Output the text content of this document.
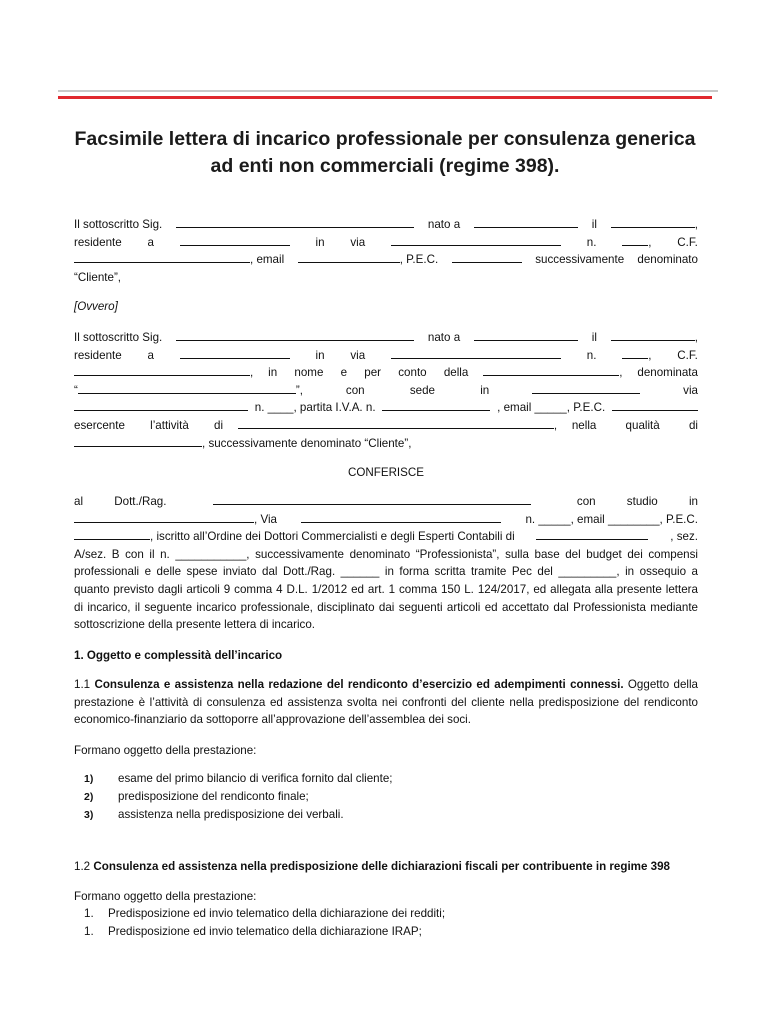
Facsimile lettera di incarico professionale per consulenza generica
ad enti non commerciali (regime 398).
Il sottoscritto Sig.	nato a	il	,
residente a	in via	n.	, C.F.
, email	, P.E.C.	successivamente denominato
“Cliente”,
[Ovvero]
Il sottoscritto Sig.	nato a	il	,
residente a	in via	n.	, C.F.
, in nome e per conto della	, denominata
“	”,	con sede in	via
n. ____, partita I.V.A. n.	, email _____, P.E.C.
esercente l’attività di	, nella qualità di
, successivamente denominato “Cliente”,
CONFERISCE
al Dott./Rag.	con studio in
, Via	n. _____, email ________, P.E.C.
, iscritto all’Ordine dei Dottori Commercialisti e degli Esperti Contabili di	, sez.
A/sez. B con il n. ___________, successivamente denominato “Professionista”, sulla base del budget dei compensi
professionali e delle spese inviato dal Dott./Rag. ______ in forma scritta tramite Pec del _________, in ossequio a
quanto previsto dagli articoli 9 comma 4 D.L. 1/2012 ed art. 1 comma 150 L. 124/2017, ed allegata alla presente lettera
di incarico, il seguente incarico professionale, disciplinato dai seguenti articoli ed accettato dal Professionista mediante
sottoscrizione della presente lettera di incarico.
1. Oggetto e complessità dell’incarico
1.1 Consulenza e assistenza nella redazione del rendiconto d’esercizio ed adempimenti connessi. Oggetto della prestazione è l’attività di consulenza ed assistenza svolta nei confronti del cliente nella predisposizione del rendiconto economico-finanziario da sottoporre all’approvazione dell’assemblea dei soci.
Formano oggetto della prestazione:
1)	esame del primo bilancio di verifica fornito dal cliente;
2)	predisposizione del rendiconto finale;
3)	assistenza nella predisposizione dei verbali.
1.2 Consulenza ed assistenza nella predisposizione delle dichiarazioni fiscali per contribuente in regime 398
Formano oggetto della prestazione:
1.	Predisposizione ed invio telematico della dichiarazione dei redditi;
1.	Predisposizione ed invio telematico della dichiarazione IRAP;
